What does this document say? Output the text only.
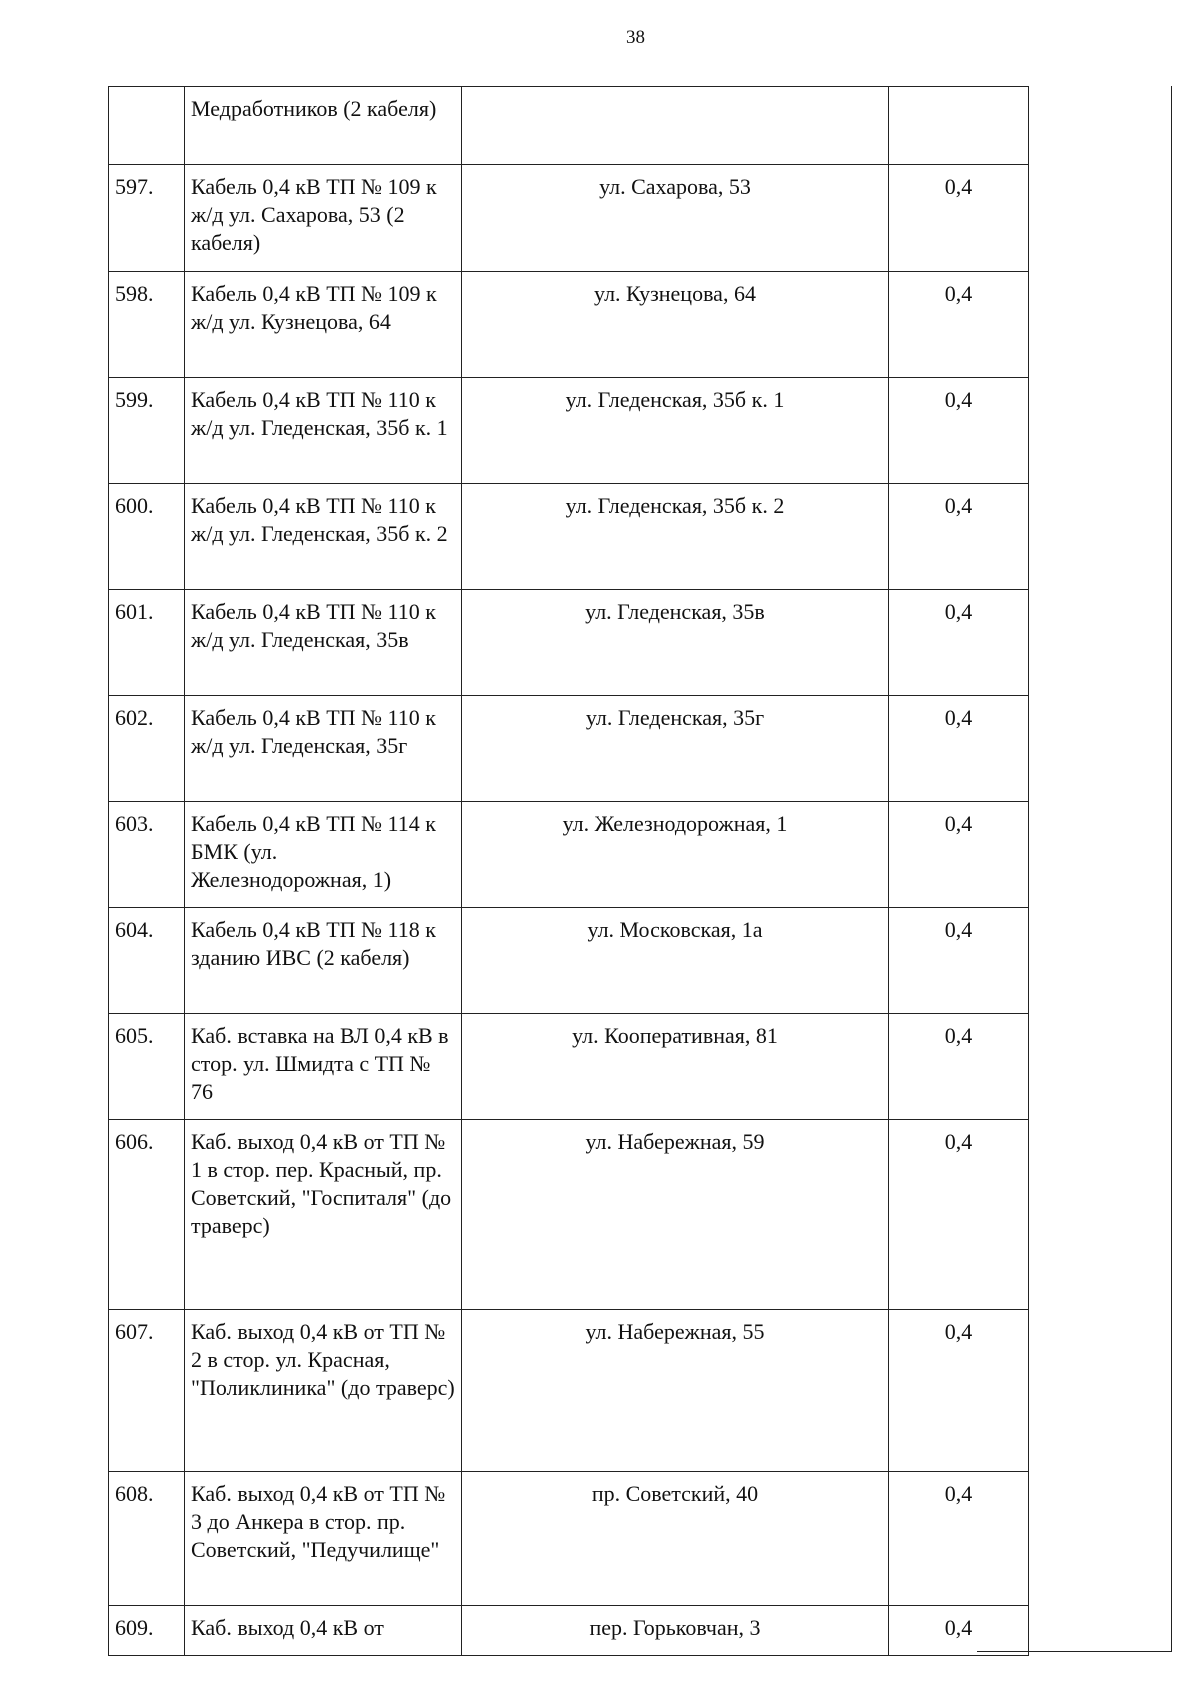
38
	Медработников (2 кабеля)		
597.	Кабель 0,4 кВ ТП № 109 к ж/д ул. Сахарова, 53 (2 кабеля)	ул. Сахарова, 53	0,4
598.	Кабель 0,4 кВ ТП № 109 к ж/д ул. Кузнецова, 64	ул. Кузнецова, 64	0,4
599.	Кабель 0,4 кВ ТП № 110 к ж/д ул. Гледенская, 35б к. 1	ул. Гледенская, 35б к. 1	0,4
600.	Кабель 0,4 кВ ТП № 110 к ж/д ул. Гледенская, 35б к. 2	ул. Гледенская, 35б к. 2	0,4
601.	Кабель 0,4 кВ ТП № 110 к ж/д ул. Гледенская, 35в	ул. Гледенская, 35в	0,4
602.	Кабель 0,4 кВ ТП № 110 к ж/д ул. Гледенская, 35г	ул. Гледенская, 35г	0,4
603.	Кабель 0,4 кВ ТП № 114 к БМК (ул. Железнодорожная, 1)	ул. Железнодорожная, 1	0,4
604.	Кабель 0,4 кВ ТП № 118 к зданию ИВС (2 кабеля)	ул. Московская, 1а	0,4
605.	Каб. вставка на ВЛ 0,4 кВ в стор. ул. Шмидта с ТП № 76	ул. Кооперативная, 81	0,4
606.	Каб. выход 0,4 кВ от ТП № 1 в стор. пер. Красный, пр. Советский, "Госпиталя" (до траверс)	ул. Набережная, 59	0,4
607.	Каб. выход 0,4 кВ от ТП № 2 в стор. ул. Красная, "Поликлиника" (до траверс)	ул. Набережная, 55	0,4
608.	Каб. выход 0,4 кВ от ТП № 3 до Анкера в стор. пр. Советский, "Педучилище"	пр. Советский, 40	0,4
609.	Каб. выход 0,4 кВ от	пер. Горьковчан, 3	0,4
